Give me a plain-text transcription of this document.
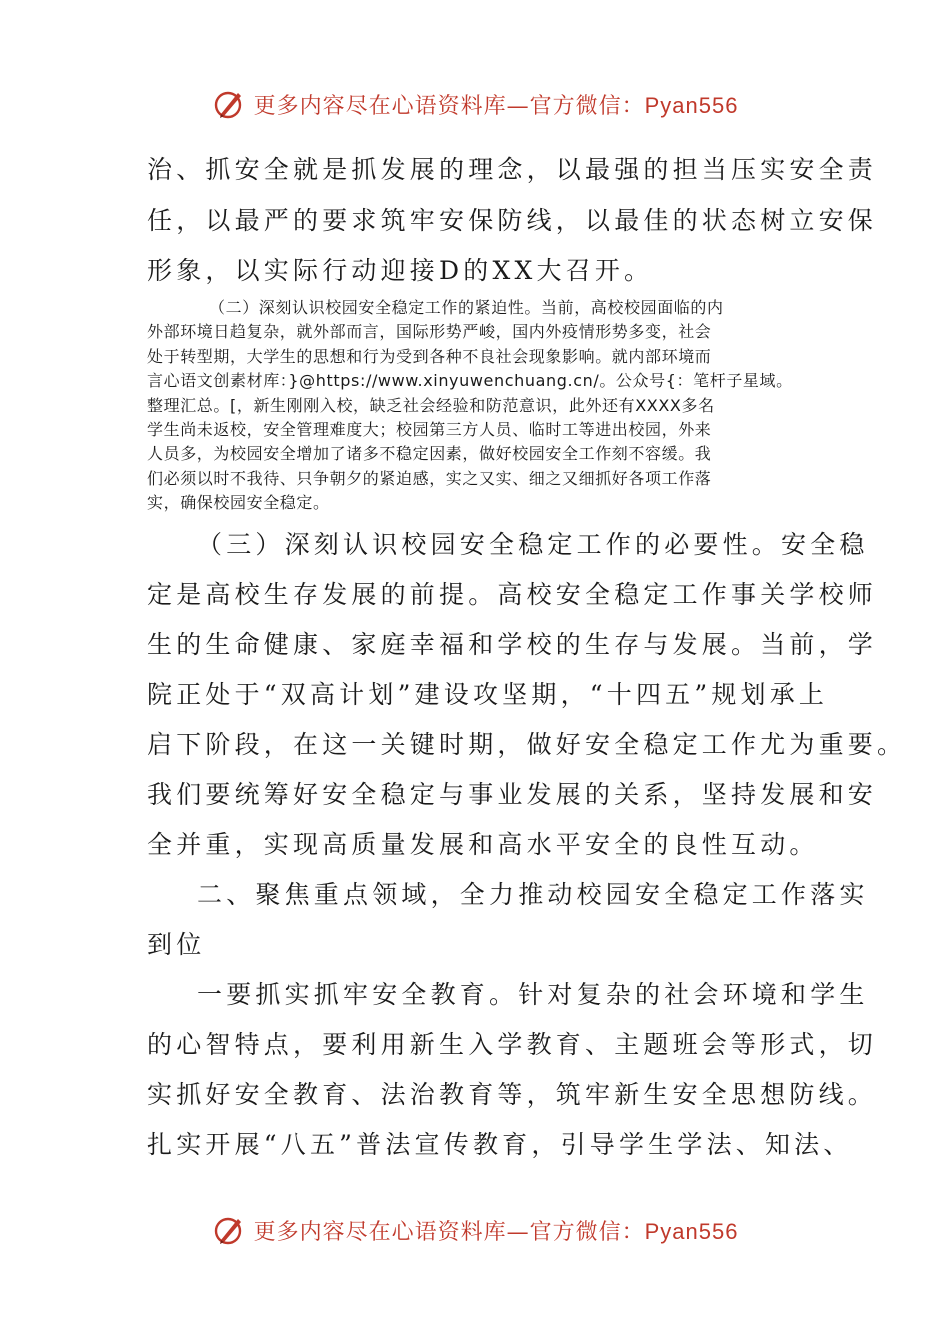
更多内容尽在心语资料库—官方微信：Pyan556

治、抓安全就是抓发展的理念，以最强的担当压实安全责

任，以最严的要求筑牢安保防线，以最佳的状态树立安保

形象，以实际行动迎接D的XX大召开。

（二）深刻认识校园安全稳定工作的紧迫性。当前，高校校园面临的内

外部环境日趋复杂，就外部而言，国际形势严峻，国内外疫情形势多变，社会

处于转型期，大学生的思想和行为受到各种不良社会现象影响。就内部环境而

言心语文创素材库：}@https://www.xinyuwenchuang.cn/。公众号{：笔杆子星域。

整理汇总。[，新生刚刚入校，缺乏社会经验和防范意识，此外还有XXXX多名

学生尚未返校，安全管理难度大；校园第三方人员、临时工等进出校园，外来

人员多，为校园安全增加了诸多不稳定因素，做好校园安全工作刻不容缓。我

们必须以时不我待、只争朝夕的紧迫感，实之又实、细之又细抓好各项工作落

实，确保校园安全稳定。

（三）深刻认识校园安全稳定工作的必要性。安全稳

定是高校生存发展的前提。高校安全稳定工作事关学校师

生的生命健康、家庭幸福和学校的生存与发展。当前，学

院正处于“双高计划”建设攻坚期，“十四五”规划承上

启下阶段，在这一关键时期，做好安全稳定工作尤为重要。

我们要统筹好安全稳定与事业发展的关系，坚持发展和安

全并重，实现高质量发展和高水平安全的良性互动。

二、聚焦重点领域，全力推动校园安全稳定工作落实

到位

一要抓实抓牢安全教育。针对复杂的社会环境和学生

的心智特点，要利用新生入学教育、主题班会等形式，切

实抓好安全教育、法治教育等，筑牢新生安全思想防线。

扎实开展“八五”普法宣传教育，引导学生学法、知法、

更多内容尽在心语资料库—官方微信：Pyan556
